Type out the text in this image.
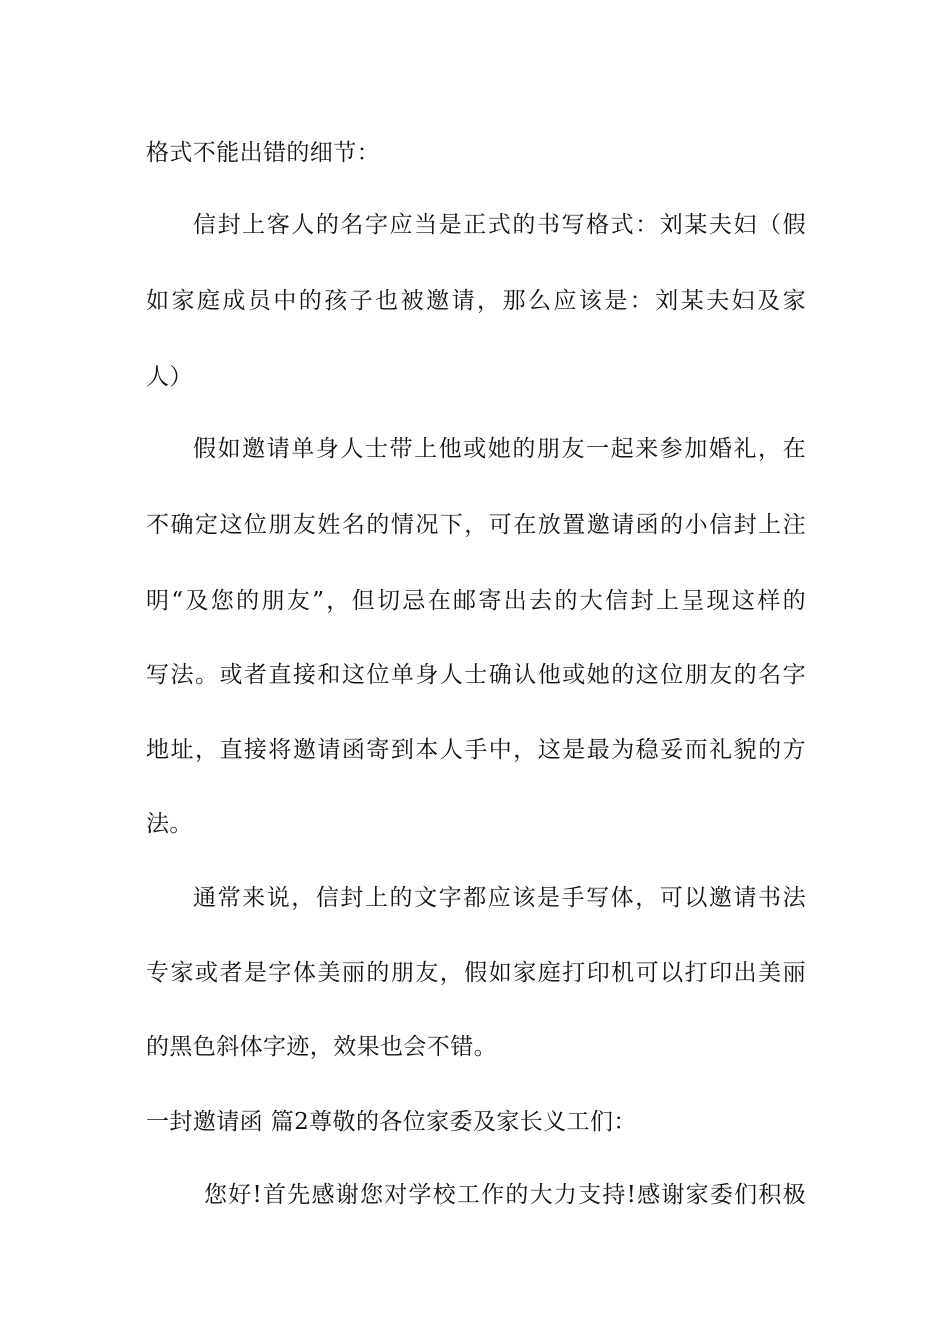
格式不能出错的细节：
信封上客人的名字应当是正式的书写格式：刘某夫妇（假
如家庭成员中的孩子也被邀请，那么应该是：刘某夫妇及家
人）
假如邀请单身人士带上他或她的朋友一起来参加婚礼，在
不确定这位朋友姓名的情况下，可在放置邀请函的小信封上注
明“及您的朋友”，但切忌在邮寄出去的大信封上呈现这样的
写法。或者直接和这位单身人士确认他或她的这位朋友的名字
地址，直接将邀请函寄到本人手中，这是最为稳妥而礼貌的方
法。
通常来说，信封上的文字都应该是手写体，可以邀请书法
专家或者是字体美丽的朋友，假如家庭打印机可以打印出美丽
的黑色斜体字迹，效果也会不错。
一封邀请函 篇2尊敬的各位家委及家长义工们：
您好!首先感谢您对学校工作的大力支持!感谢家委们积极
